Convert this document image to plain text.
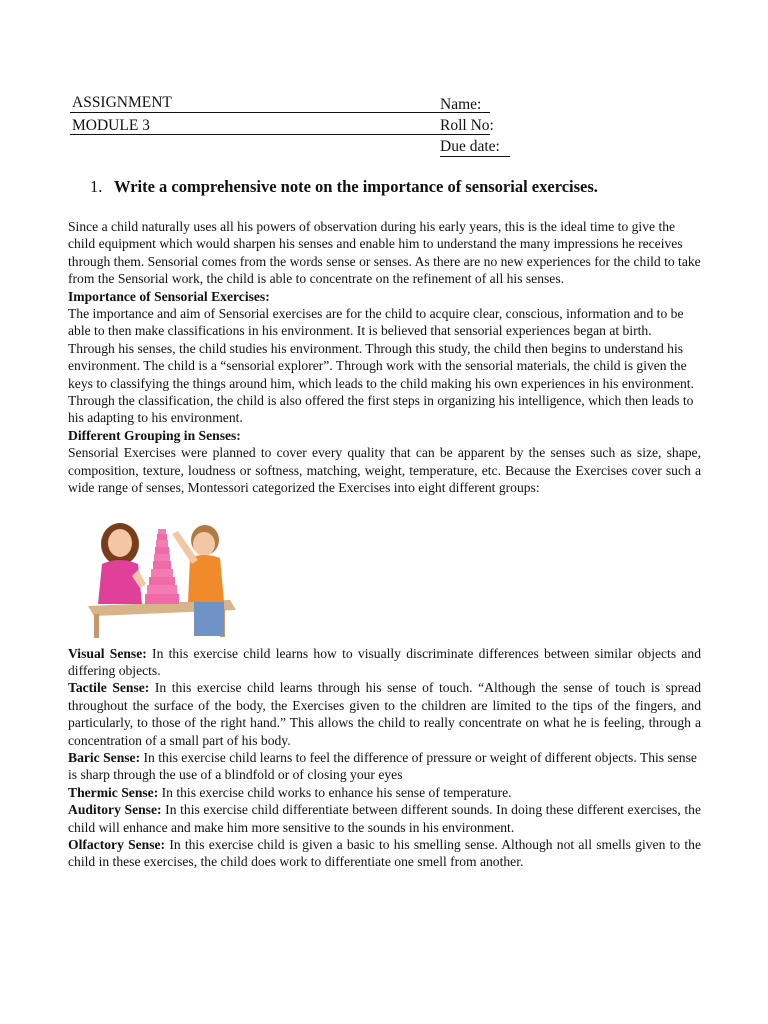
ASSIGNMENT	Name:
MODULE 3	Roll No:
Due date:
1. Write a comprehensive note on the importance of sensorial exercises.

Since a child naturally uses all his powers of observation during his early years, this is the ideal time to give the child equipment which would sharpen his senses and enable him to understand the many impressions he receives through them. Sensorial comes from the words sense or senses. As there are no new experiences for the child to take from the Sensorial work, the child is able to concentrate on the refinement of all his senses.

Importance of Sensorial Exercises:

The importance and aim of Sensorial exercises are for the child to acquire clear, conscious, information and to be able to then make classifications in his environment. It is believed that sensorial experiences began at birth. Through his senses, the child studies his environment. Through this study, the child then begins to understand his environment. The child is a “sensorial explorer”. Through work with the sensorial materials, the child is given the keys to classifying the things around him, which leads to the child making his own experiences in his environment. Through the classification, the child is also offered the first steps in organizing his intelligence, which then leads to his adapting to his environment.

Different Grouping in Senses:

Sensorial Exercises were planned to cover every quality that can be apparent by the senses such as size, shape, composition, texture, loudness or softness, matching, weight, temperature, etc. Because the Exercises cover such a wide range of senses, Montessori categorized the Exercises into eight different groups:

Visual Sense: In this exercise child learns how to visually discriminate differences between similar objects and differing objects.

Tactile Sense: In this exercise child learns through his sense of touch. “Although the sense of touch is spread throughout the surface of the body, the Exercises given to the children are limited to the tips of the fingers, and particularly, to those of the right hand.” This allows the child to really concentrate on what he is feeling, through a concentration of a small part of his body.

Baric Sense: In this exercise child learns to feel the difference of pressure or weight of different objects. This sense is sharp through the use of a blindfold or of closing your eyes

Thermic Sense: In this exercise child works to enhance his sense of temperature.

Auditory Sense: In this exercise child differentiate between different sounds. In doing these different exercises, the child will enhance and make him more sensitive to the sounds in his environment.

Olfactory Sense: In this exercise child is given a basic to his smelling sense. Although not all smells given to the child in these exercises, the child does work to differentiate one smell from another.
